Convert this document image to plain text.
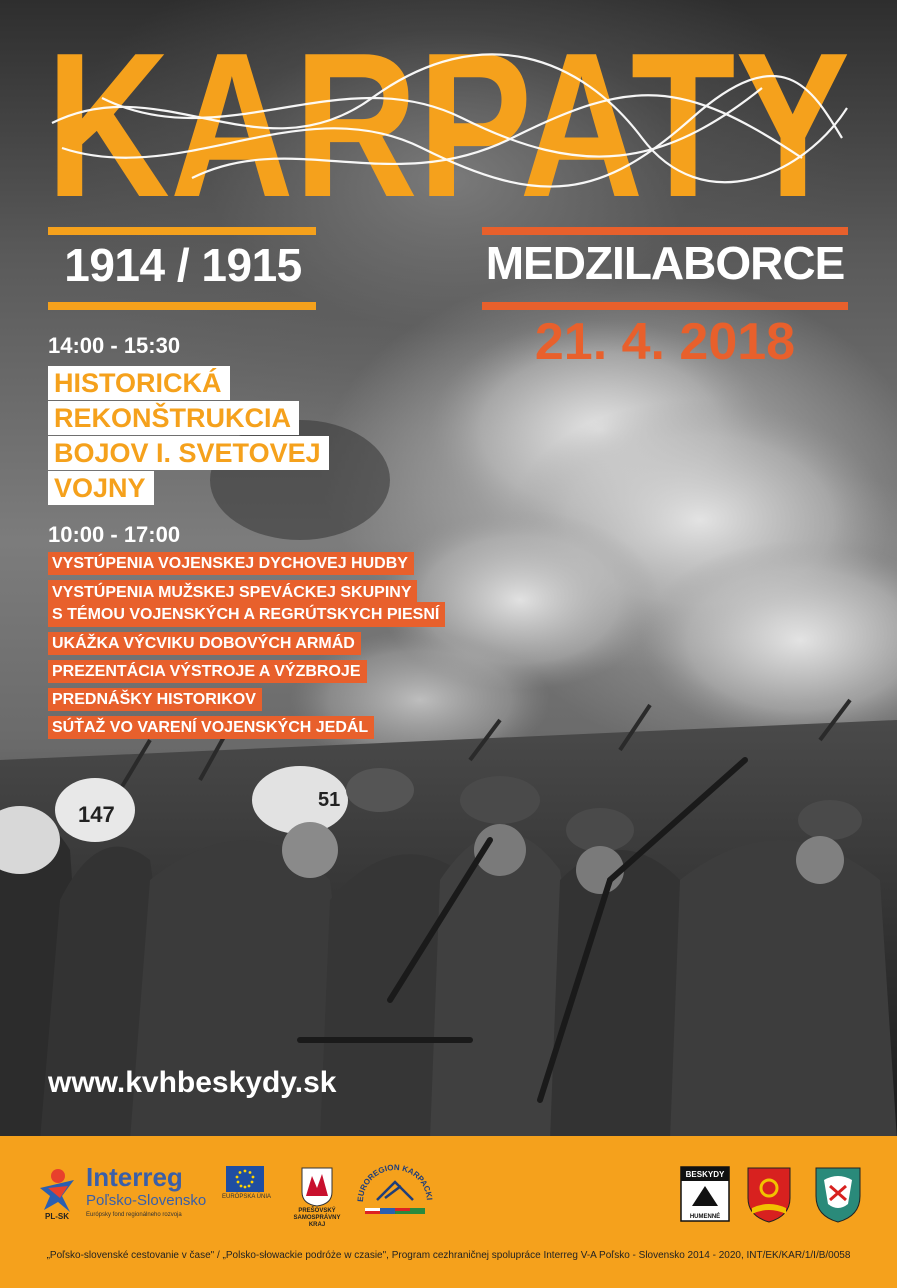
147
51
KARPATY
1914 / 1915	MEDZILABORCE
21. 4. 2018
14:00 - 15:30
HISTORICKÁ
REKONŠTRUKCIA
BOJOV I. SVETOVEJ
VOJNY
10:00 - 17:00
VYSTÚPENIA VOJENSKEJ DYCHOVEJ HUDBY
VYSTÚPENIA MUŽSKEJ SPEVÁCKEJ SKUPINY
S TÉMOU VOJENSKÝCH A REGRÚTSKYCH PIESNÍ
UKÁŽKA VÝCVIKU DOBOVÝCH ARMÁD
PREZENTÁCIA VÝSTROJE A VÝZBROJE
PREDNÁŠKY HISTORIKOV
SÚŤAŽ VO VARENÍ VOJENSKÝCH JEDÁL
www.kvhbeskydy.sk
PL-SK
Interreg
Poľsko-Slovensko
Európsky fond regionálneho rozvoja
EURÓPSKA ÚNIA
PREŠOVSKÝ SAMOSPRÁVNY KRAJ
EUROREGION KARPACKI
BESKYDY
HUMENNÉ
„Poľsko-slovenské cestovanie v čase" / „Polsko-słowackie podróże w czasie", Program cezhraničnej spolupráce Interreg V-A Poľsko - Slovensko 2014 - 2020, INT/EK/KAR/1/I/B/0058
